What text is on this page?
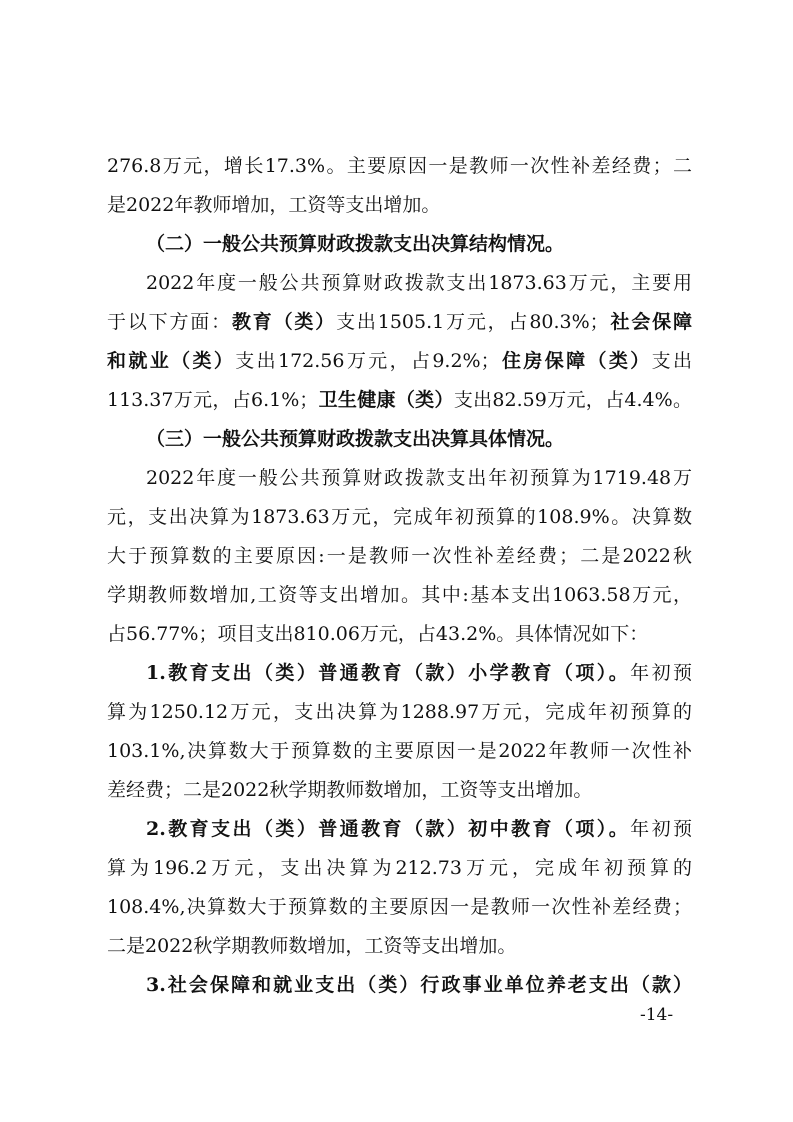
276.8万元，增长17.3%。主要原因一是教师一次性补差经费；二
是2022年教师增加，工资等支出增加。
（二）一般公共预算财政拨款支出决算结构情况。
2022年度一般公共预算财政拨款支出1873.63万元，主要用
于以下方面：教育（类）支出1505.1万元，占80.3%；社会保障
和就业（类）支出172.56万元，占9.2%；住房保障（类）支出
113.37万元，占6.1%；卫生健康（类）支出82.59万元，占4.4%。
（三）一般公共预算财政拨款支出决算具体情况。
2022年度一般公共预算财政拨款支出年初预算为1719.48万
元，支出决算为1873.63万元，完成年初预算的108.9%。决算数
大于预算数的主要原因:一是教师一次性补差经费；二是2022秋
学期教师数增加,工资等支出增加。其中:基本支出1063.58万元，
占56.77%；项目支出810.06万元，占43.2%。具体情况如下：
1.教育支出（类）普通教育（款）小学教育（项）。年初预
算为1250.12万元，支出决算为1288.97万元，完成年初预算的
103.1%,决算数大于预算数的主要原因一是2022年教师一次性补
差经费；二是2022秋学期教师数增加，工资等支出增加。
2.教育支出（类）普通教育（款）初中教育（项）。年初预
算为196.2万元，支出决算为212.73万元，完成年初预算的
108.4%,决算数大于预算数的主要原因一是教师一次性补差经费；
二是2022秋学期教师数增加，工资等支出增加。
3.社会保障和就业支出（类）行政事业单位养老支出（款）
-14-
